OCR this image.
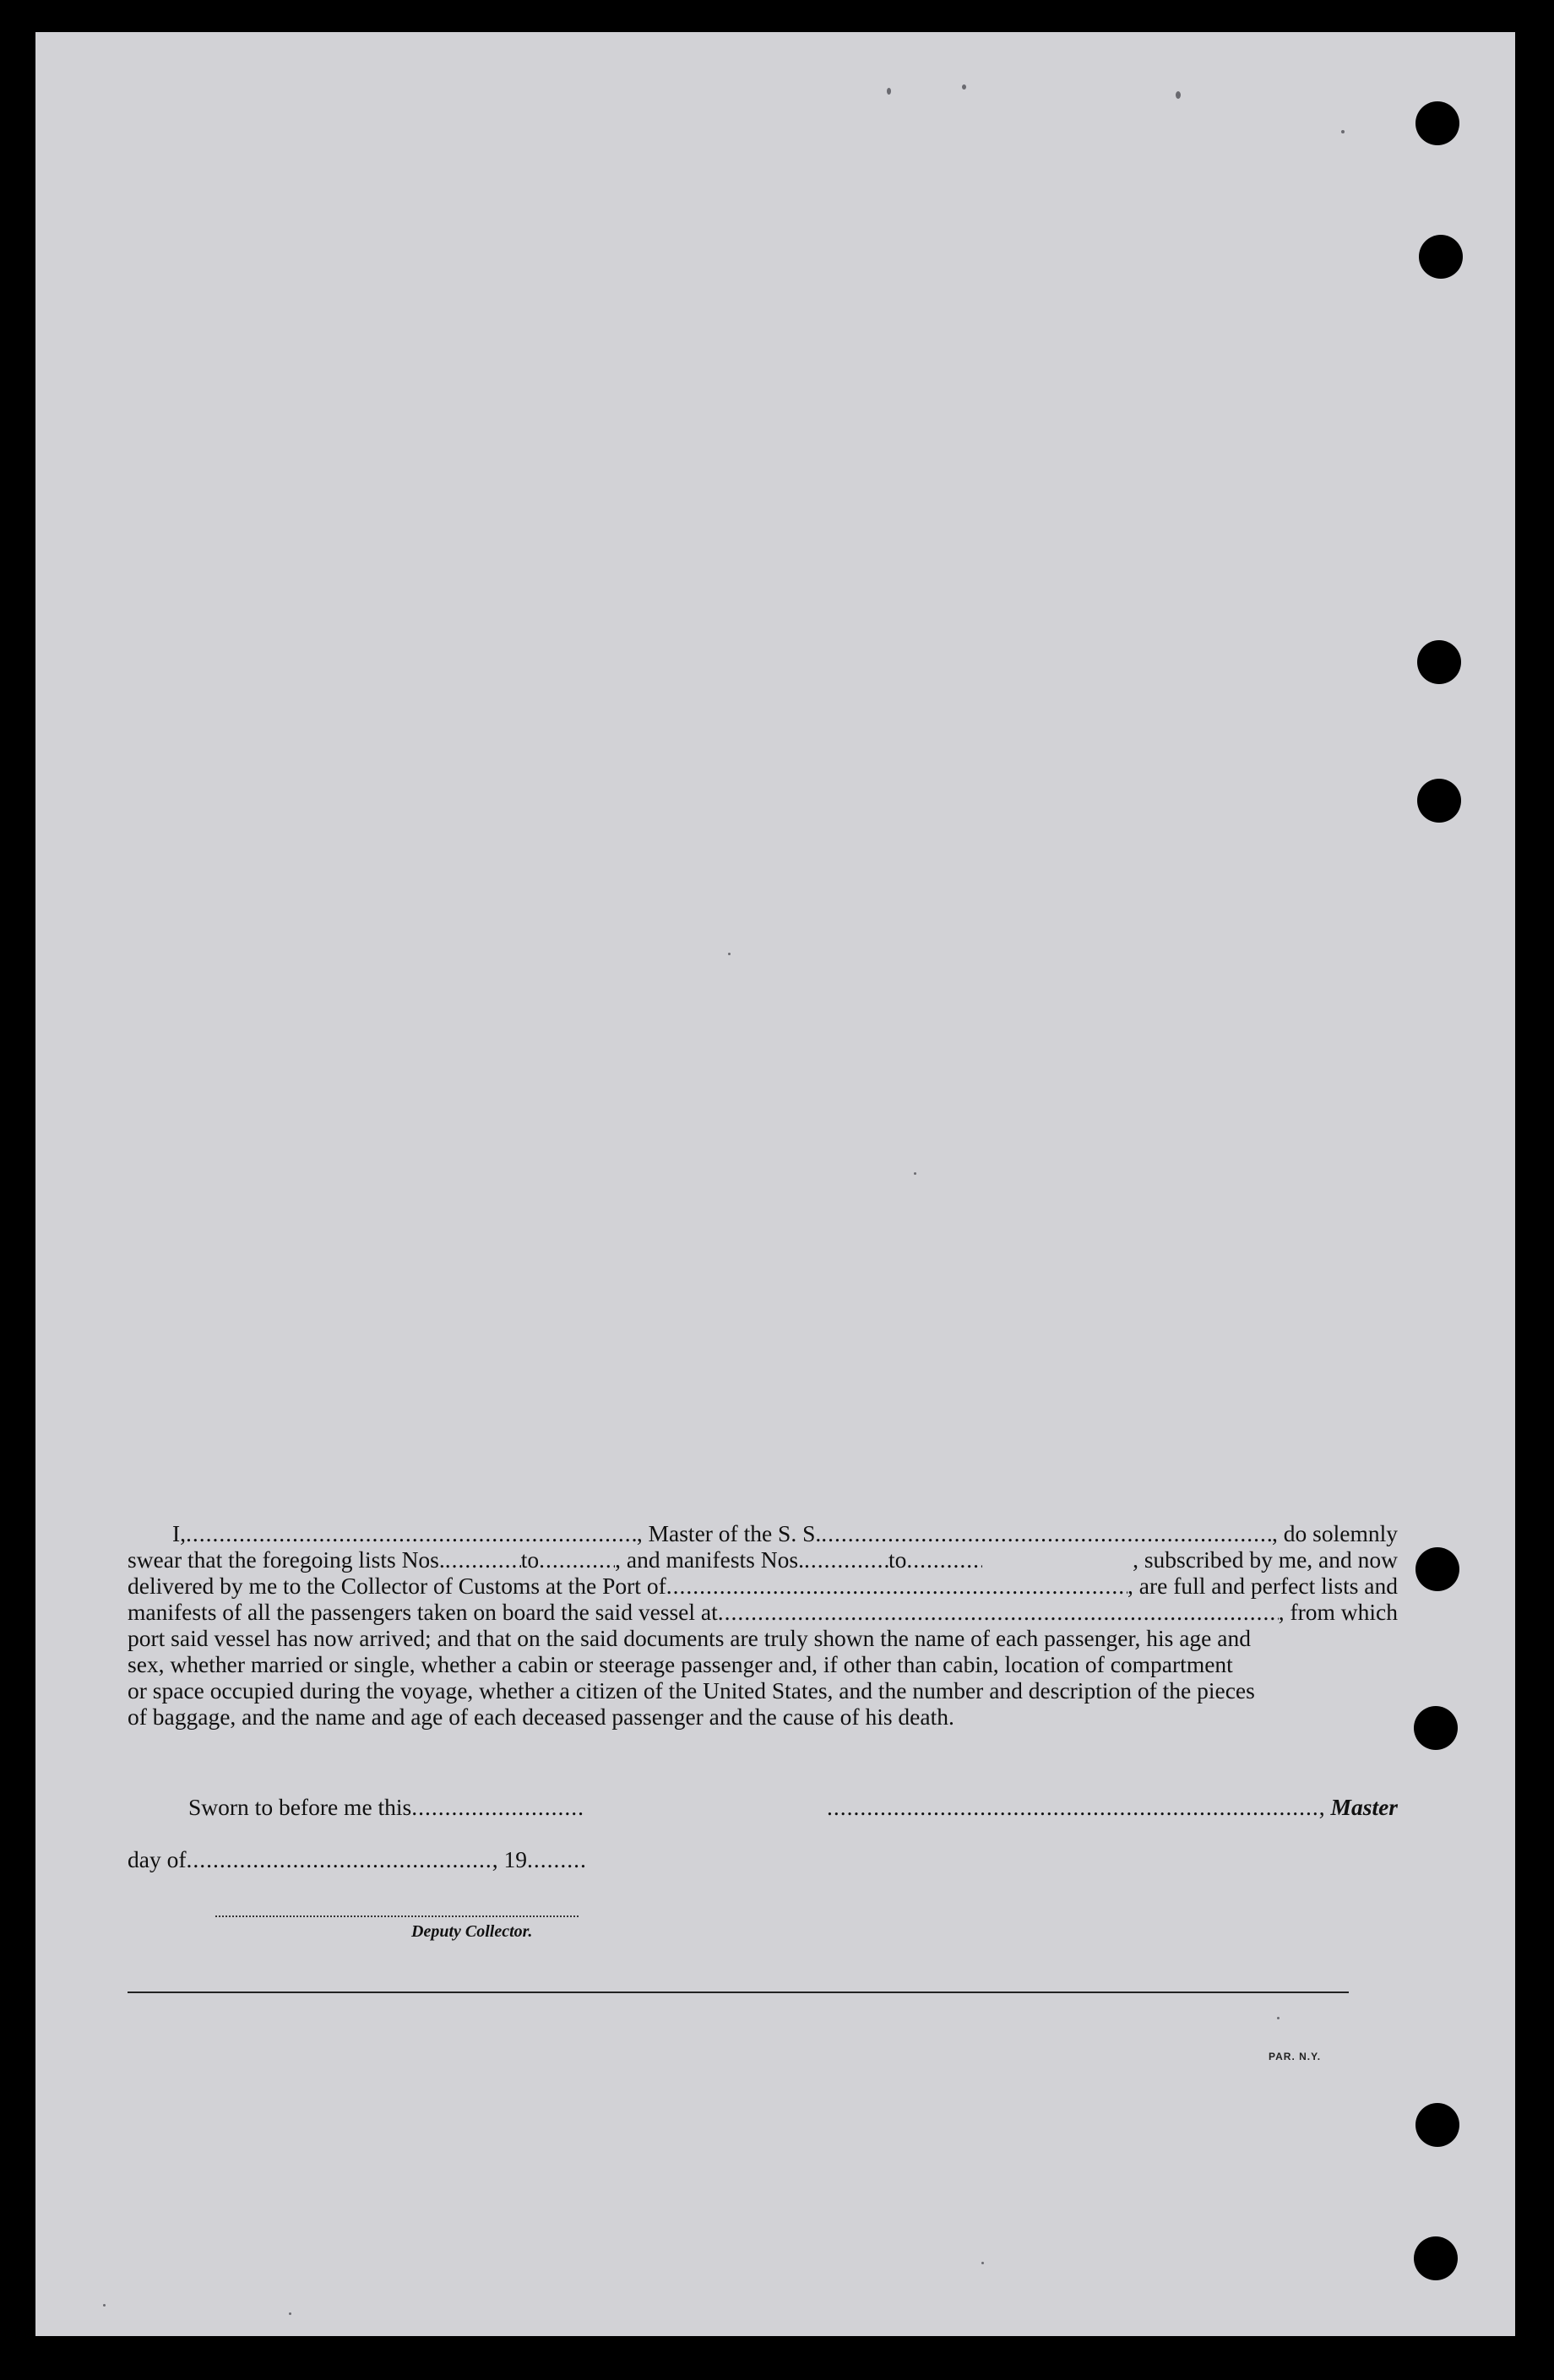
I, .....	, Master of the S. S. .....	, do solemnly
swear that the foregoing lists Nos. .....	to .....	, and manifests Nos. .....	to .....	, subscribed by me, and now
delivered by me to the Collector of Customs at the Port of .....	, are full and perfect lists and
manifests of all the passengers taken on board the said vessel at .....	, from which
port said vessel has now arrived; and that on the said documents are truly shown the name of each passenger, his age and
sex, whether married or single, whether a cabin or steerage passenger and, if other than cabin, location of compartment
or space occupied during the voyage, whether a citizen of the United States, and the number and description of the pieces
of baggage, and the name and age of each deceased passenger and the cause of his death.
Sworn to before me this..........................	.........................................................................., Master
day of.............................................., 19.........
Deputy Collector.
PAR. N.Y.
